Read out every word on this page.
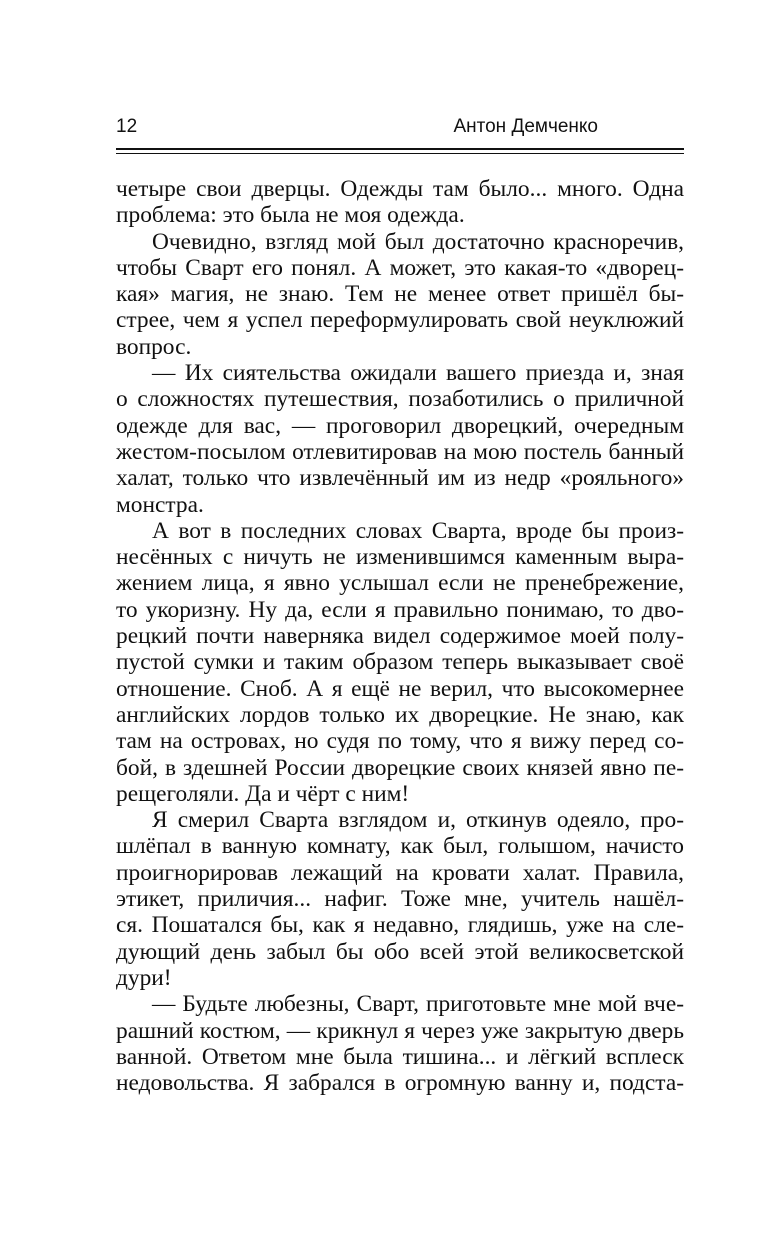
12	Антон Демченко
четыре свои дверцы. Одежды там было... много. Одна
проблема: это была не моя одежда.
Очевидно, взгляд мой был достаточно красноречив,
чтобы Сварт его понял. А может, это какая-то «дворец-
кая» магия, не знаю. Тем не менее ответ пришёл бы-
стрее, чем я успел переформулировать свой неуклюжий
вопрос.
— Их сиятельства ожидали вашего приезда и, зная
о сложностях путешествия, позаботились о приличной
одежде для вас, — проговорил дворецкий, очередным
жестом-посылом отлевитировав на мою постель банный
халат, только что извлечённый им из недр «рояльного»
монстра.
А вот в последних словах Сварта, вроде бы произ-
несённых с ничуть не изменившимся каменным выра-
жением лица, я явно услышал если не пренебрежение,
то укоризну. Ну да, если я правильно понимаю, то дво-
рецкий почти наверняка видел содержимое моей полу-
пустой сумки и таким образом теперь выказывает своё
отношение. Сноб. А я ещё не верил, что высокомернее
английских лордов только их дворецкие. Не знаю, как
там на островах, но судя по тому, что я вижу перед со-
бой, в здешней России дворецкие своих князей явно пе-
рещеголяли. Да и чёрт с ним!
Я смерил Сварта взглядом и, откинув одеяло, про-
шлёпал в ванную комнату, как был, голышом, начисто
проигнорировав лежащий на кровати халат. Правила,
этикет, приличия... нафиг. Тоже мне, учитель нашёл-
ся. Пошатался бы, как я недавно, глядишь, уже на сле-
дующий день забыл бы обо всей этой великосветской
дури!
— Будьте любезны, Сварт, приготовьте мне мой вче-
рашний костюм, — крикнул я через уже закрытую дверь
ванной. Ответом мне была тишина... и лёгкий всплеск
недовольства. Я забрался в огромную ванну и, подста-
